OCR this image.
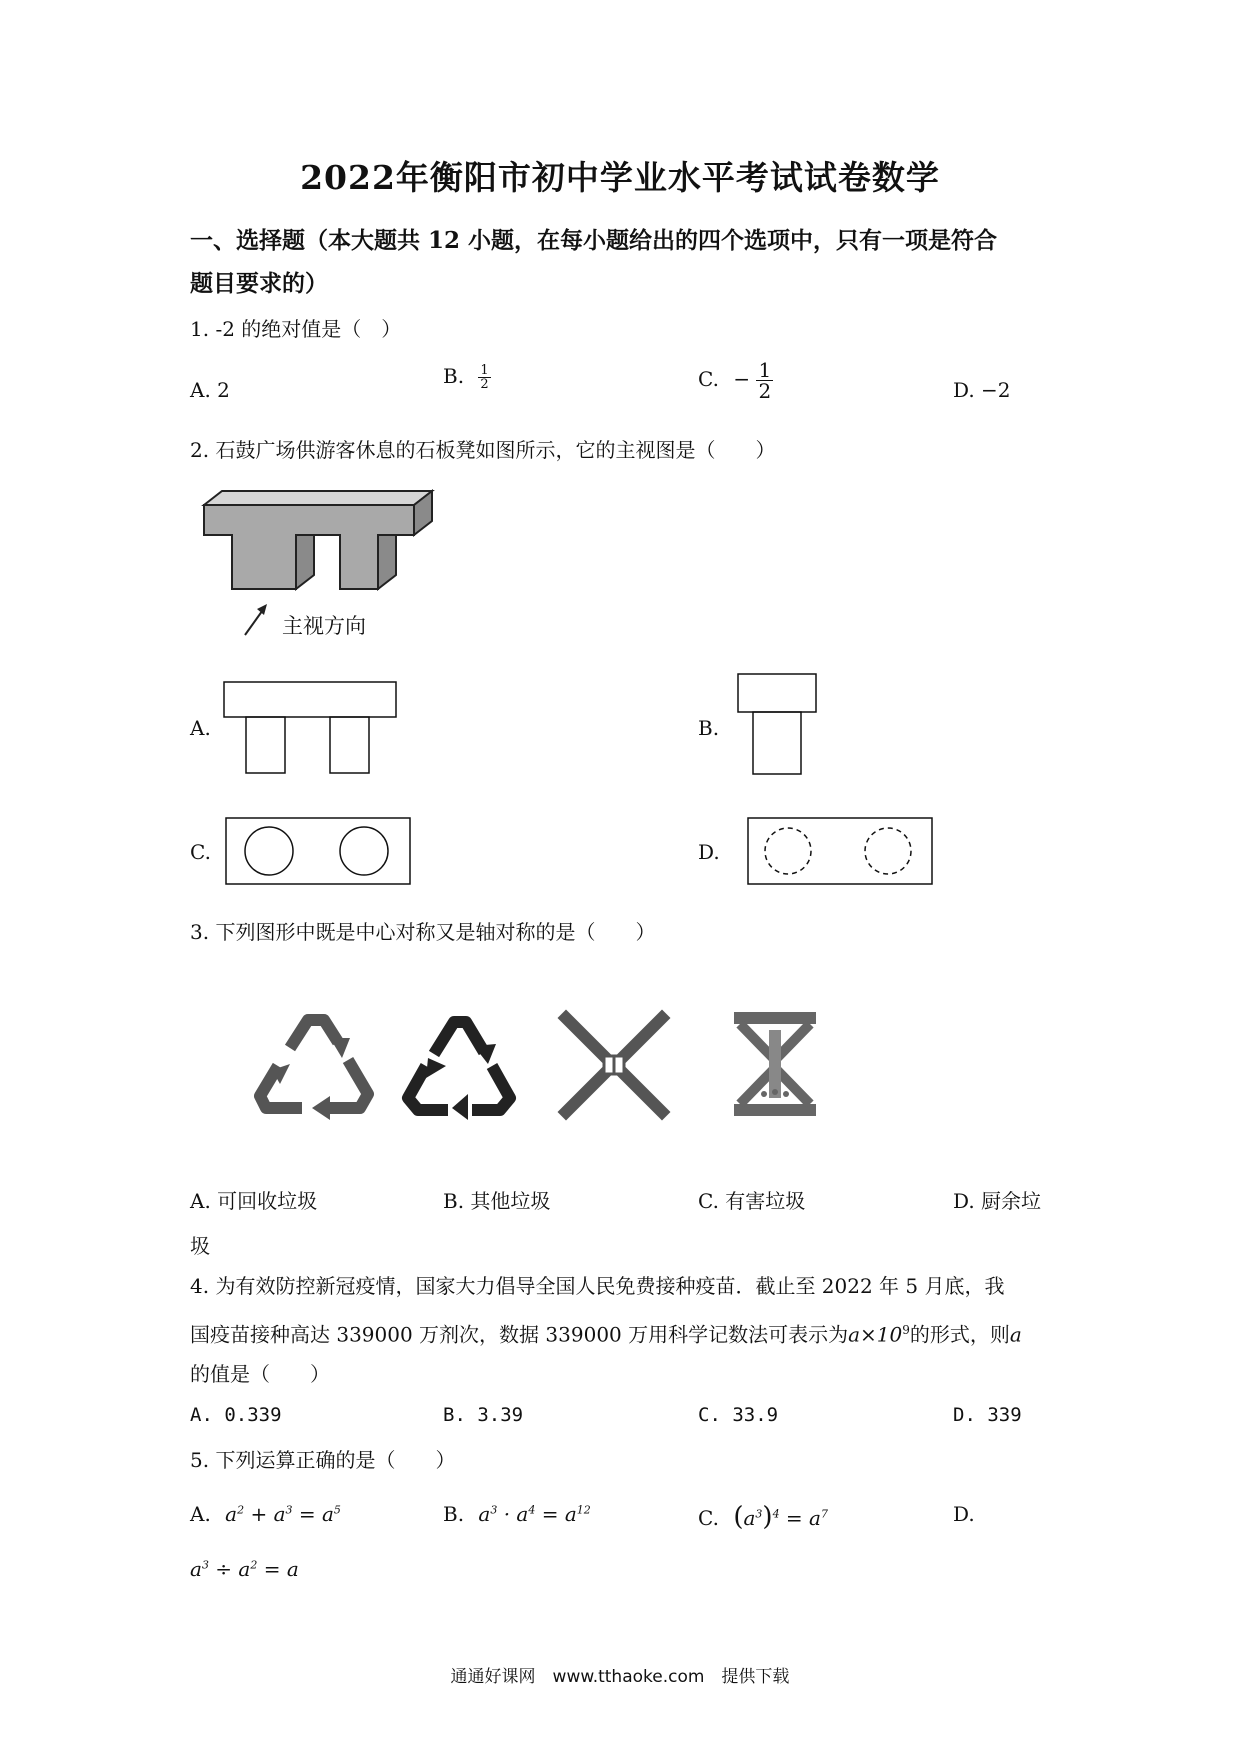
2022年衡阳市初中学业水平考试试卷数学
一、选择题（本大题共 12 小题，在每小题给出的四个选项中，只有一项是符合
题目要求的）
1. -2 的绝对值是（　）
A. 2
B. $\frac{1}{2}$	C. − $\frac{1}{2}$	D. −2
2. 石鼓广场供游客休息的石板凳如图所示，它的主视图是（　　）
主视方向
A.	B.
C.	D.
3. 下列图形中既是中心对称又是轴对称的是（　　）
A. 可回收垃圾	B. 其他垃圾	C. 有害垃圾	D. 厨余垃
圾
4. 为有效防控新冠疫情，国家大力倡导全国人民免费接种疫苗．截止至 2022 年 5 月底，我
国疫苗接种高达 339000 万剂次，数据 339000 万用科学记数法可表示为$a\times 10^9$的形式，则a
的值是（　　）
A. 0.339	B. 3.39	C. 33.9	D. 339
5. 下列运算正确的是（　　）
A. $a^2 + a^3 = a^5$	B. $a^3 \cdot a^4 = a^{12}$	C. $(a^3)^4 = a^7$	D.
$a^3 \div a^2 = a$
通通好课网　www.tthaoke.com　提供下载
